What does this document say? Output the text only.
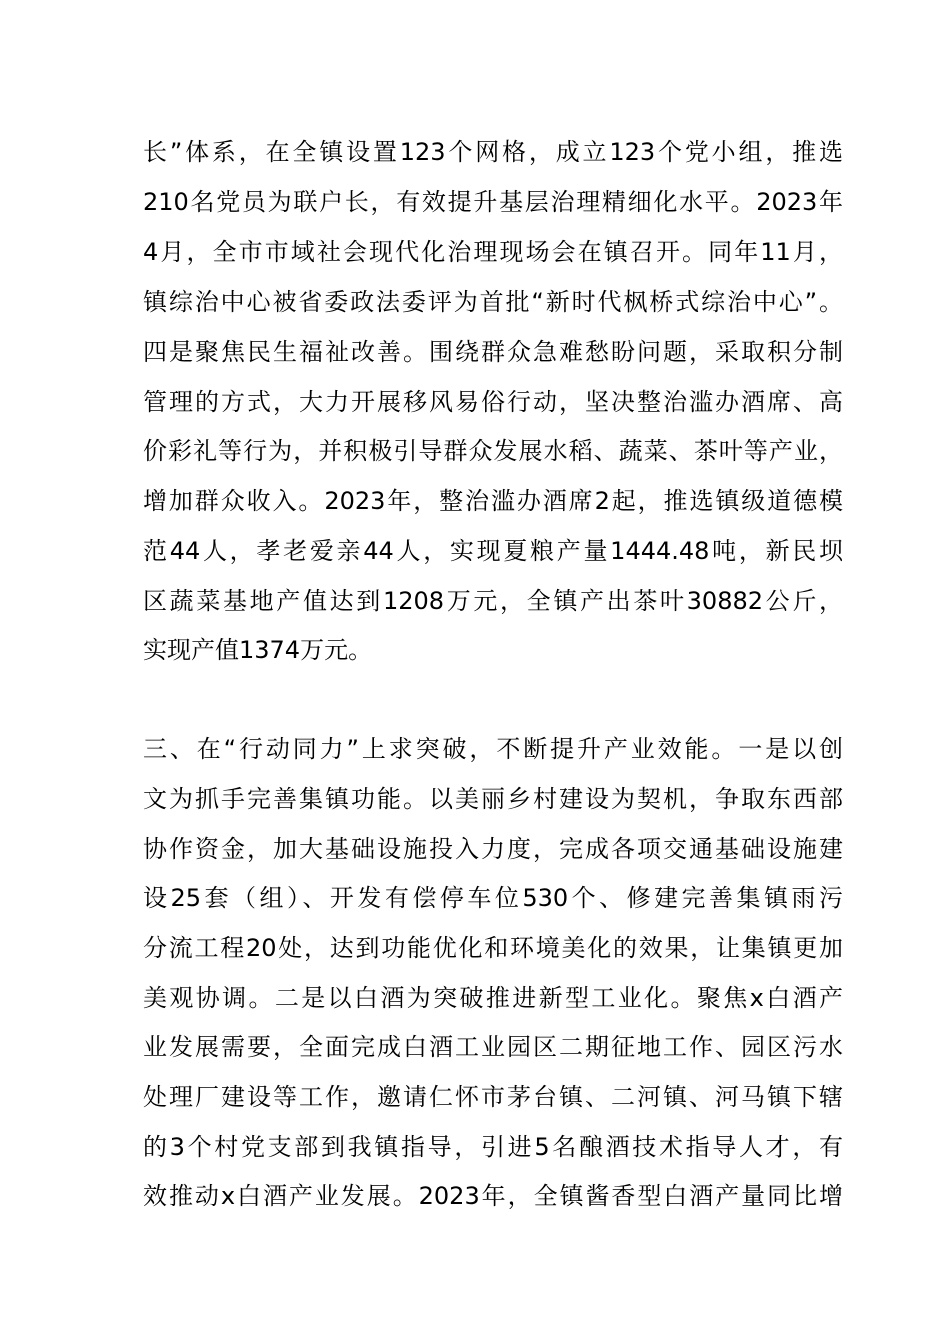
长”体系，在全镇设置123个网格，成立123个党小组，推选
210名党员为联户长，有效提升基层治理精细化水平。2023年
4月，全市市域社会现代化治理现场会在镇召开。同年11月，
镇综治中心被省委政法委评为首批“新时代枫桥式综治中心”。
四是聚焦民生福祉改善。围绕群众急难愁盼问题，采取积分制
管理的方式，大力开展移风易俗行动，坚决整治滥办酒席、高
价彩礼等行为，并积极引导群众发展水稻、蔬菜、茶叶等产业，
增加群众收入。2023年，整治滥办酒席2起，推选镇级道德模
范44人，孝老爱亲44人，实现夏粮产量1444.48吨，新民坝
区蔬菜基地产值达到1208万元，全镇产出茶叶30882公斤，
实现产值1374万元。
三、在“行动同力”上求突破，不断提升产业效能。一是以创
文为抓手完善集镇功能。以美丽乡村建设为契机，争取东西部
协作资金，加大基础设施投入力度，完成各项交通基础设施建
设25套（组）、开发有偿停车位530个、修建完善集镇雨污
分流工程20处，达到功能优化和环境美化的效果，让集镇更加
美观协调。二是以白酒为突破推进新型工业化。聚焦x白酒产
业发展需要，全面完成白酒工业园区二期征地工作、园区污水
处理厂建设等工作，邀请仁怀市茅台镇、二河镇、河马镇下辖
的3个村党支部到我镇指导，引进5名酿酒技术指导人才，有
效推动x白酒产业发展。2023年，全镇酱香型白酒产量同比增
